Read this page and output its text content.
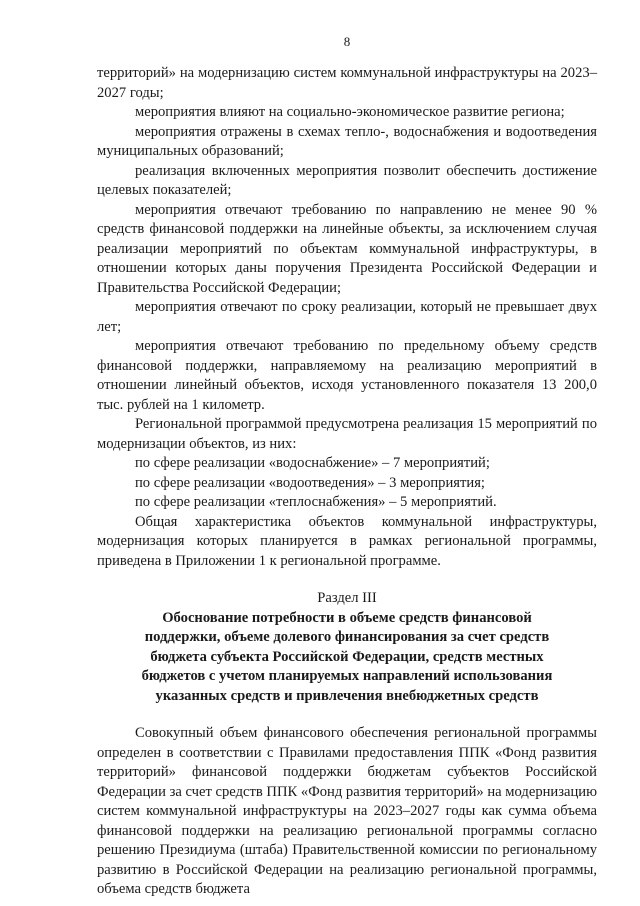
8

территорий» на модернизацию систем коммунальной инфраструктуры на 2023–2027 годы;

мероприятия влияют на социально-экономическое развитие региона;

мероприятия отражены в схемах тепло-, водоснабжения и водоотведения муниципальных образований;

реализация включенных мероприятия позволит обеспечить достижение целевых показателей;

мероприятия отвечают требованию по направлению не менее 90 % средств финансовой поддержки на линейные объекты, за исключением случая реализации мероприятий по объектам коммунальной инфраструктуры, в отношении которых даны поручения Президента Российской Федерации и Правительства Российской Федерации;

мероприятия отвечают по сроку реализации, который не превышает двух лет;

мероприятия отвечают требованию по предельному объему средств финансовой поддержки, направляемому на реализацию мероприятий в отношении линейный объектов, исходя установленного показателя 13 200,0 тыс. рублей на 1 километр.

Региональной программой предусмотрена реализация 15 мероприятий по модернизации объектов, из них:

по сфере реализации «водоснабжение» – 7 мероприятий;

по сфере реализации «водоотведения» – 3 мероприятия;

по сфере реализации «теплоснабжения» – 5 мероприятий.

Общая характеристика объектов коммунальной инфраструктуры, модернизация которых планируется в рамках региональной программы, приведена в Приложении 1 к региональной программе.

Раздел III

Обоснование потребности в объеме средств финансовой поддержки, объеме долевого финансирования за счет средств бюджета субъекта Российской Федерации, средств местных бюджетов с учетом планируемых направлений использования указанных средств и привлечения внебюджетных средств

Совокупный объем финансового обеспечения региональной программы определен в соответствии с Правилами предоставления ППК «Фонд развития территорий» финансовой поддержки бюджетам субъектов Российской Федерации за счет средств ППК «Фонд развития территорий» на модернизацию систем коммунальной инфраструктуры на 2023–2027 годы как сумма объема финансовой поддержки на реализацию региональной программы согласно решению Президиума (штаба) Правительственной комиссии по региональному развитию в Российской Федерации на реализацию региональной программы, объема средств бюджета
